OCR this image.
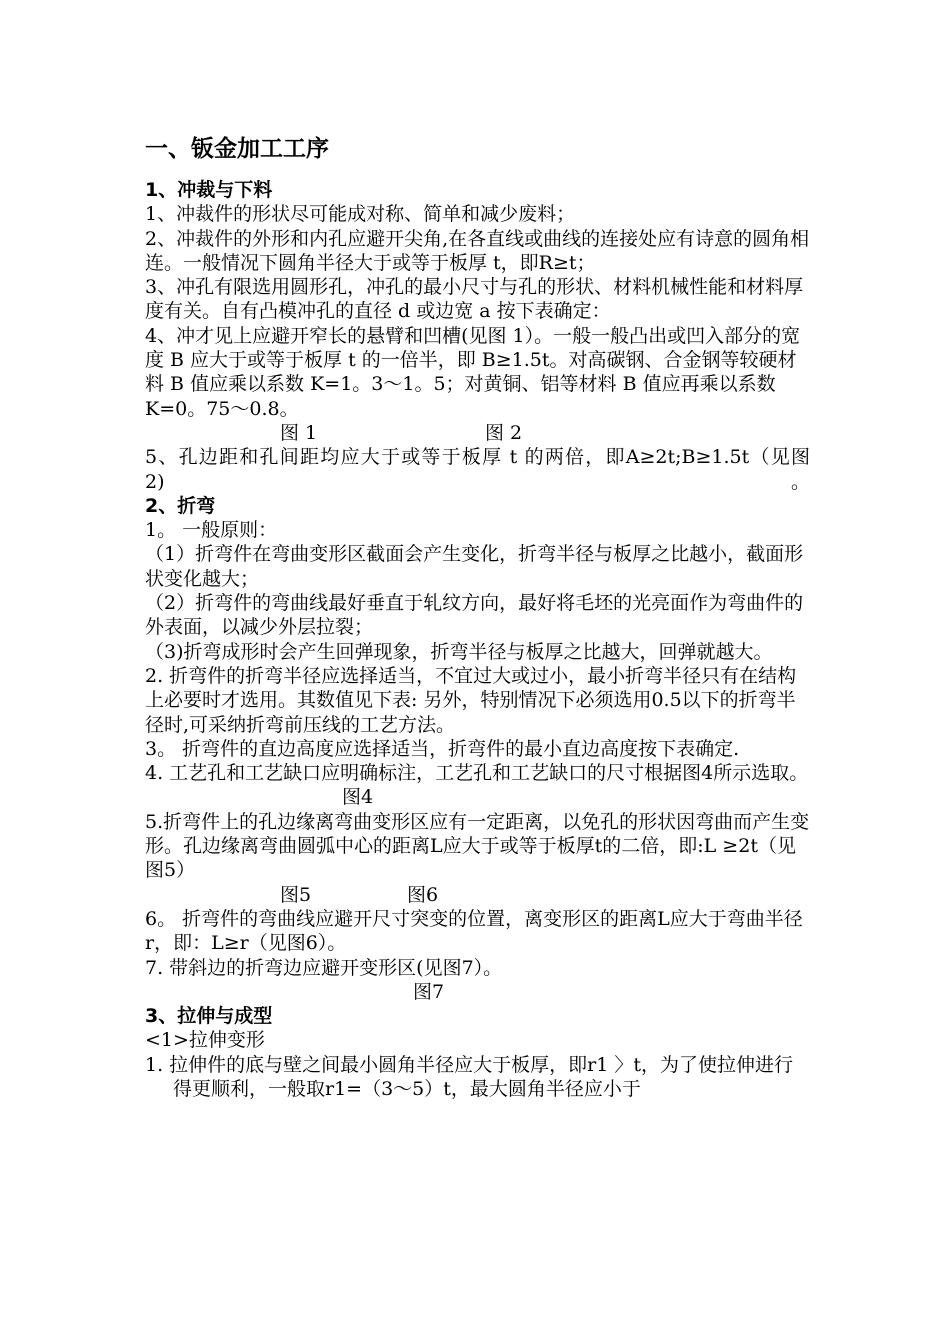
一、钣金加工工序
1、冲裁与下料

1、冲裁件的形状尽可能成对称、简单和减少废料；

2、冲裁件的外形和内孔应避开尖角,在各直线或曲线的连接处应有诗意的圆角相连。一般情况下圆角半径大于或等于板厚 t，即R≥t；

3、冲孔有限选用圆形孔，冲孔的最小尺寸与孔的形状、材料机械性能和材料厚度有关。自有凸模冲孔的直径 d 或边宽 a 按下表确定：

4、冲才见上应避开窄长的悬臂和凹槽(见图 1）。一般一般凸出或凹入部分的宽度 B 应大于或等于板厚 t 的一倍半，即 B≥1.5t。对高碳钢、合金钢等较硬材料 B 值应乘以系数 K=1。3～1。5；对黄铜、铝等材料 B 值应再乘以系数 K=0。75～0.8。

图 1	图 2

5、孔边距和孔间距均应大于或等于板厚 t 的两倍，即A≥2t;B≥1.5t（见图 2)。

2、折弯

1。 一般原则：

（1）折弯件在弯曲变形区截面会产生变化，折弯半径与板厚之比越小，截面形状变化越大；

（2）折弯件的弯曲线最好垂直于轧纹方向，最好将毛坯的光亮面作为弯曲件的外表面，以减少外层拉裂；

（3)折弯成形时会产生回弹现象，折弯半径与板厚之比越大，回弹就越大。

2. 折弯件的折弯半径应选择适当，不宜过大或过小，最小折弯半径只有在结构上必要时才选用。其数值见下表: 另外，特别情况下必须选用0.5以下的折弯半径时,可采纳折弯前压线的工艺方法。

3。 折弯件的直边高度应选择适当，折弯件的最小直边高度按下表确定.

4. 工艺孔和工艺缺口应明确标注，工艺孔和工艺缺口的尺寸根据图4所示选取。

图4

5.折弯件上的孔边缘离弯曲变形区应有一定距离，以免孔的形状因弯曲而产生变形。孔边缘离弯曲圆弧中心的距离L应大于或等于板厚t的二倍，即:L ≥2t（见图5）

图5	图6

6。 折弯件的弯曲线应避开尺寸突变的位置，离变形区的距离L应大于弯曲半径r，即：L≥r（见图6）。

7. 带斜边的折弯边应避开变形区(见图7）。

图7
3、拉伸与成型

<1>拉伸变形

1. 拉伸件的底与壁之间最小圆角半径应大于板厚，即r1 〉t，为了使拉伸进行得更顺利，一般取r1=（3～5）t，最大圆角半径应小于
